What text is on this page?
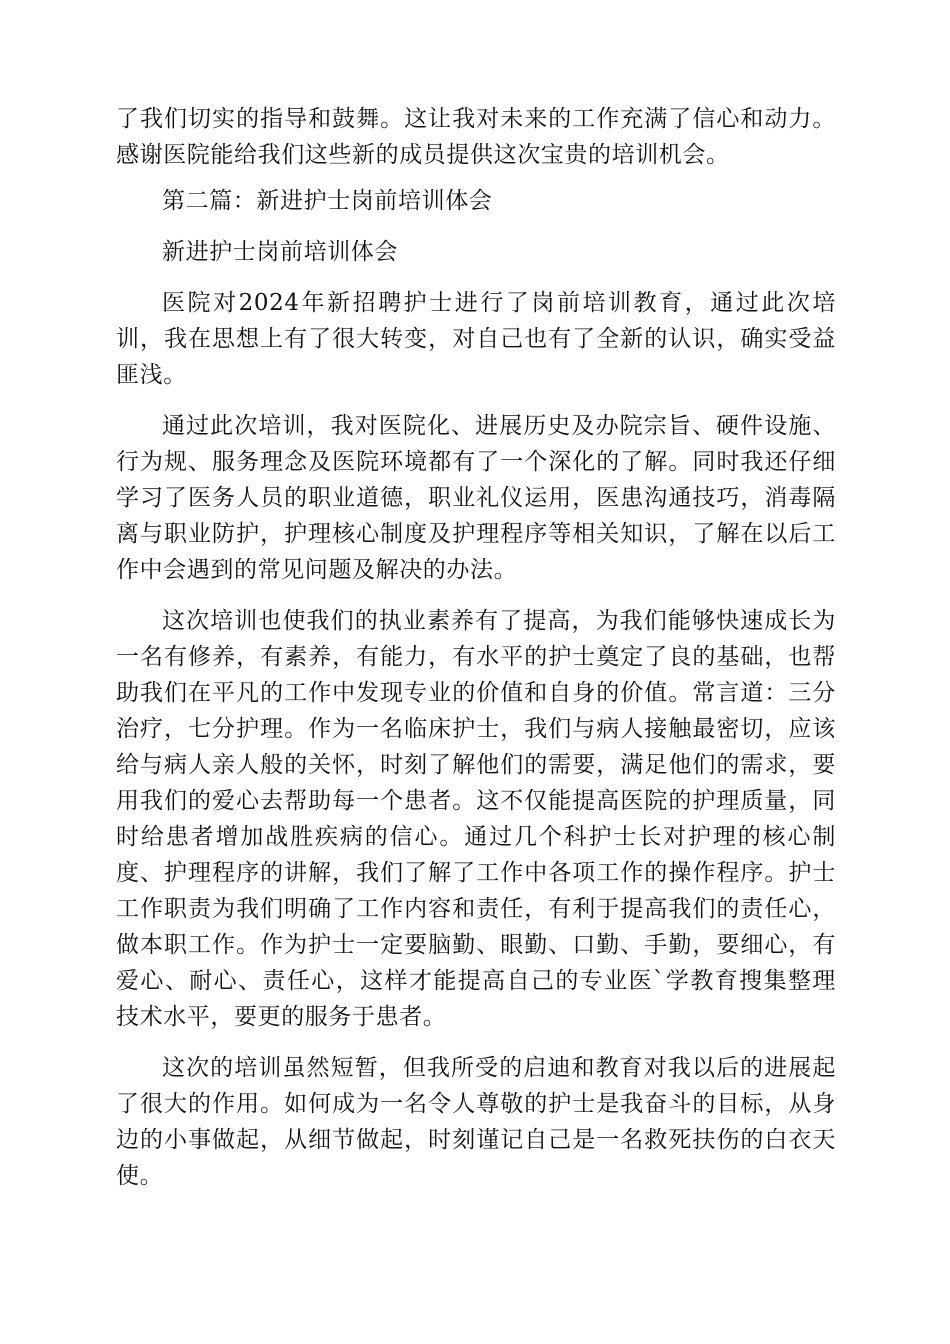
了我们切实的指导和鼓舞。这让我对未来的工作充满了信心和动力。感谢医院能给我们这些新的成员提供这次宝贵的培训机会。

第二篇：新进护士岗前培训体会

新进护士岗前培训体会

医院对2024年新招聘护士进行了岗前培训教育，通过此次培训，我在思想上有了很大转变，对自己也有了全新的认识，确实受益匪浅。

通过此次培训，我对医院化、进展历史及办院宗旨、硬件设施、行为规、服务理念及医院环境都有了一个深化的了解。同时我还仔细学习了医务人员的职业道德，职业礼仪运用，医患沟通技巧，消毒隔离与职业防护，护理核心制度及护理程序等相关知识，了解在以后工作中会遇到的常见问题及解决的办法。

这次培训也使我们的执业素养有了提高，为我们能够快速成长为一名有修养，有素养，有能力，有水平的护士奠定了良的基础，也帮助我们在平凡的工作中发现专业的价值和自身的价值。常言道：三分治疗，七分护理。作为一名临床护士，我们与病人接触最密切，应该给与病人亲人般的关怀，时刻了解他们的需要，满足他们的需求，要用我们的爱心去帮助每一个患者。这不仅能提高医院的护理质量，同时给患者增加战胜疾病的信心。通过几个科护士长对护理的核心制度、护理程序的讲解，我们了解了工作中各项工作的操作程序。护士工作职责为我们明确了工作内容和责任，有利于提高我们的责任心，做本职工作。作为护士一定要脑勤、眼勤、口勤、手勤，要细心，有爱心、耐心、责任心，这样才能提高自己的专业医`学教育搜集整理技术水平，要更的服务于患者。

这次的培训虽然短暂，但我所受的启迪和教育对我以后的进展起了很大的作用。如何成为一名令人尊敬的护士是我奋斗的目标，从身边的小事做起，从细节做起，时刻谨记自己是一名救死扶伤的白衣天使。
